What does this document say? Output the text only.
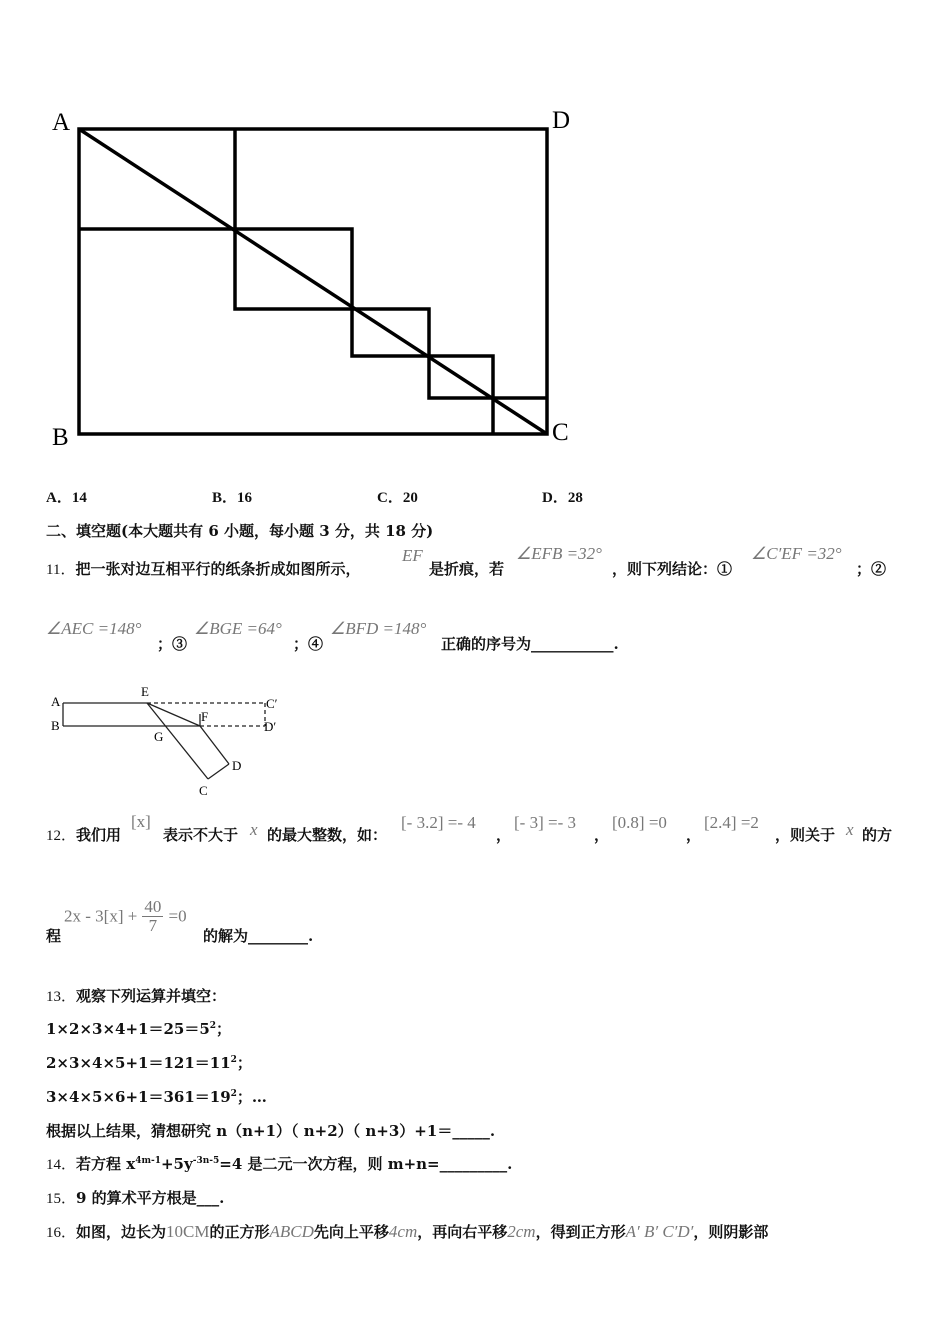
A	D
B	C
A．14	B．16	C．20	D．28
二、填空题(本大题共有 6 小题，每小题 3 分，共 18 分)
11．把一张对边互相平行的纸条折成如图所示，
EF
是折痕，若
∠EFB =32°
，则下列结论：①
∠C′EF =32°
；②
∠AEC =148°
；③
∠BGE =64°
；④
∠BFD =148°
正确的序号为___________.
A
B
E
F
G
C
D
C′
D′
12．我们用
[x]
表示不大于 x 的最大整数，如：
[- 3.2] =- 4
，
[- 3] =- 3
，
[0.8] =0
，
[2.4] =2
，则关于 x 的方
程
$2x - 3[x] + \frac{40}{7} =0$
的解为________.
13．观察下列运算并填空：
$1\times 2\times 3\times 4+1=25=5^2$；
$2\times 3\times 4\times 5+1=121=11^2$；
$3\times 4\times 5\times 6+1=361=19^2$；…
根据以上结果，猜想研究 n（n+1）（ n+2）（ n+3）+1＝_____.
14．若方程 $x^{4m-1}+5y^{-3n-5}=4$ 是二元一次方程，则 m+n=_________.
15．9 的算术平方根是___.
16．如图，边长为10CM的正方形ABCD先向上平移4cm，再向右平移2cm，得到正方形A′ B′ C′D′，则阴影部
